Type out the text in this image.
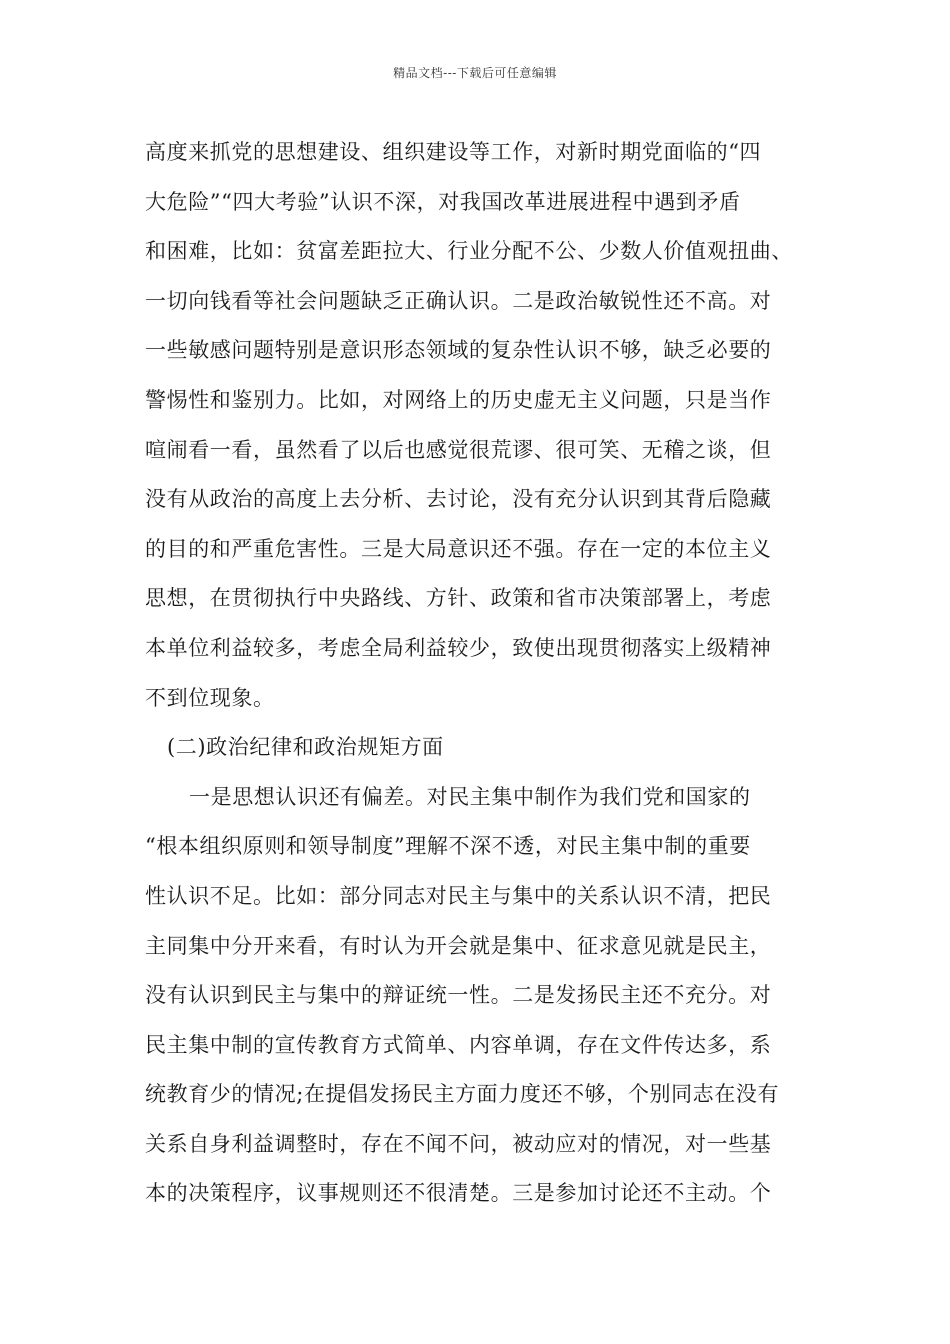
精品文档---下载后可任意编辑
高度来抓党的思想建设、组织建设等工作，对新时期党面临的“四
大危险”“四大考验”认识不深，对我国改革进展进程中遇到矛盾
和困难，比如：贫富差距拉大、行业分配不公、少数人价值观扭曲、
一切向钱看等社会问题缺乏正确认识。二是政治敏锐性还不高。对
一些敏感问题特别是意识形态领域的复杂性认识不够，缺乏必要的
警惕性和鉴别力。比如，对网络上的历史虚无主义问题，只是当作
喧闹看一看，虽然看了以后也感觉很荒谬、很可笑、无稽之谈，但
没有从政治的高度上去分析、去讨论，没有充分认识到其背后隐藏
的目的和严重危害性。三是大局意识还不强。存在一定的本位主义
思想，在贯彻执行中央路线、方针、政策和省市决策部署上，考虑
本单位利益较多，考虑全局利益较少，致使出现贯彻落实上级精神
不到位现象。
(二)政治纪律和政治规矩方面
一是思想认识还有偏差。对民主集中制作为我们党和国家的
“根本组织原则和领导制度”理解不深不透，对民主集中制的重要
性认识不足。比如：部分同志对民主与集中的关系认识不清，把民
主同集中分开来看，有时认为开会就是集中、征求意见就是民主，
没有认识到民主与集中的辩证统一性。二是发扬民主还不充分。对
民主集中制的宣传教育方式简单、内容单调，存在文件传达多，系
统教育少的情况;在提倡发扬民主方面力度还不够，个别同志在没有
关系自身利益调整时，存在不闻不问，被动应对的情况，对一些基
本的决策程序，议事规则还不很清楚。三是参加讨论还不主动。个
